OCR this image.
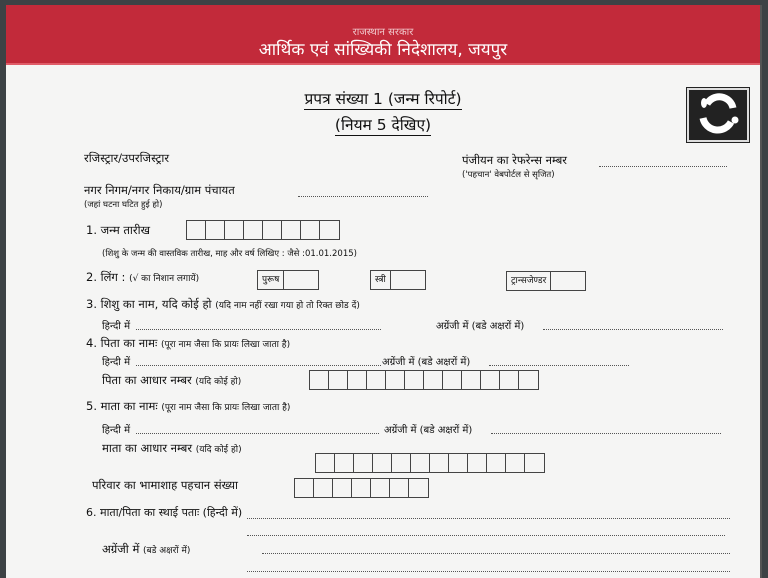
राजस्थान सरकार
आर्थिक एवं सांख्यिकी निदेशालय, जयपुर
प्रपत्र संख्या 1 (जन्म रिपोर्ट)
(नियम 5 देखिए)
रजिस्ट्रार/उपरजिस्ट्रार	पंजीयन का रेफरेन्स नम्बर
('पहचान' वेबपोर्टल से सृजित)
नगर निगम/नगर निकाय/ग्राम पंचायत
(जहां घटना घटित हुई हो)
1. जन्म तारीख
(शिशु के जन्म की वास्तविक तारीख, माह और वर्ष लिखिए : जैसे :01.01.2015)
2. लिंग : (√ का निशान लगायें)	पुरूष	स्त्री	ट्रान्सजेण्डर
3. शिशु का नाम, यदि कोई हो (यदि नाम नहीं रखा गया हो तो रिक्त छोड दें)
हिन्दी में	अग्रेंजी में (बडे अक्षरों में)
4. पिता का नामः (पूरा नाम जैसा कि प्रायः लिखा जाता है)
हिन्दी में	अग्रेंजी में (बडे अक्षरों में)
पिता का आधार नम्बर (यदि कोई हो)
5. माता का नामः (पूरा नाम जैसा कि प्रायः लिखा जाता है)
हिन्दी में	अग्रेंजी में (बडे अक्षरों में)
माता का आधार नम्बर (यदि कोई हो)
परिवार का भामाशाह पहचान संख्या
6. माता/पिता का स्थाई पताः (हिन्दी में)
अग्रेंजी में (बडे अक्षरों में)
